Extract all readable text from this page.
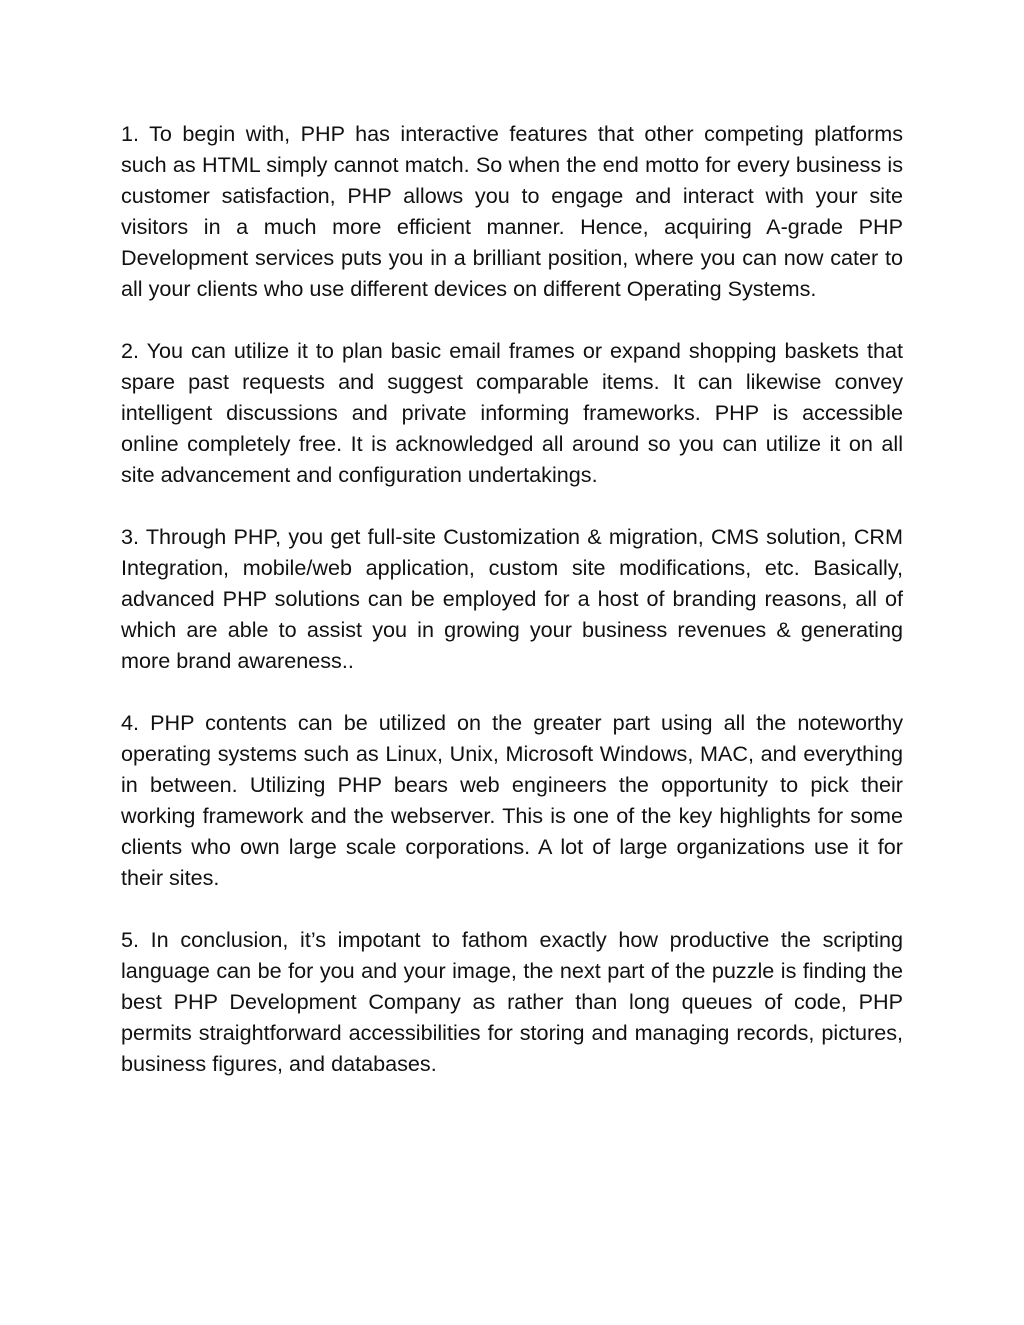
1. To begin with, PHP has interactive features that other competing platforms such as HTML simply cannot match. So when the end motto for every business is customer satisfaction, PHP allows you to engage and interact with your site visitors in a much more efficient manner. Hence, acquiring A-grade PHP Development services puts you in a brilliant position, where you can now cater to all your clients who use different devices on different Operating Systems.

2. You can utilize it to plan basic email frames or expand shopping baskets that spare past requests and suggest comparable items. It can likewise convey intelligent discussions and private informing frameworks. PHP is accessible online completely free. It is acknowledged all around so you can utilize it on all site advancement and configuration undertakings.

3. Through PHP, you get full-site Customization & migration, CMS solution, CRM Integration, mobile/web application, custom site modifications, etc. Basically, advanced PHP solutions can be employed for a host of branding reasons, all of which are able to assist you in growing your business revenues & generating more brand awareness..

4. PHP contents can be utilized on the greater part using all the noteworthy operating systems such as Linux, Unix, Microsoft Windows, MAC, and everything in between. Utilizing PHP bears web engineers the opportunity to pick their working framework and the webserver. This is one of the key highlights for some clients who own large scale corporations. A lot of large organizations use it for their sites.

5. In conclusion, it’s impotant to fathom exactly how productive the scripting language can be for you and your image, the next part of the puzzle is finding the best PHP Development Company as rather than long queues of code, PHP permits straightforward accessibilities for storing and managing records, pictures, business figures, and databases.
